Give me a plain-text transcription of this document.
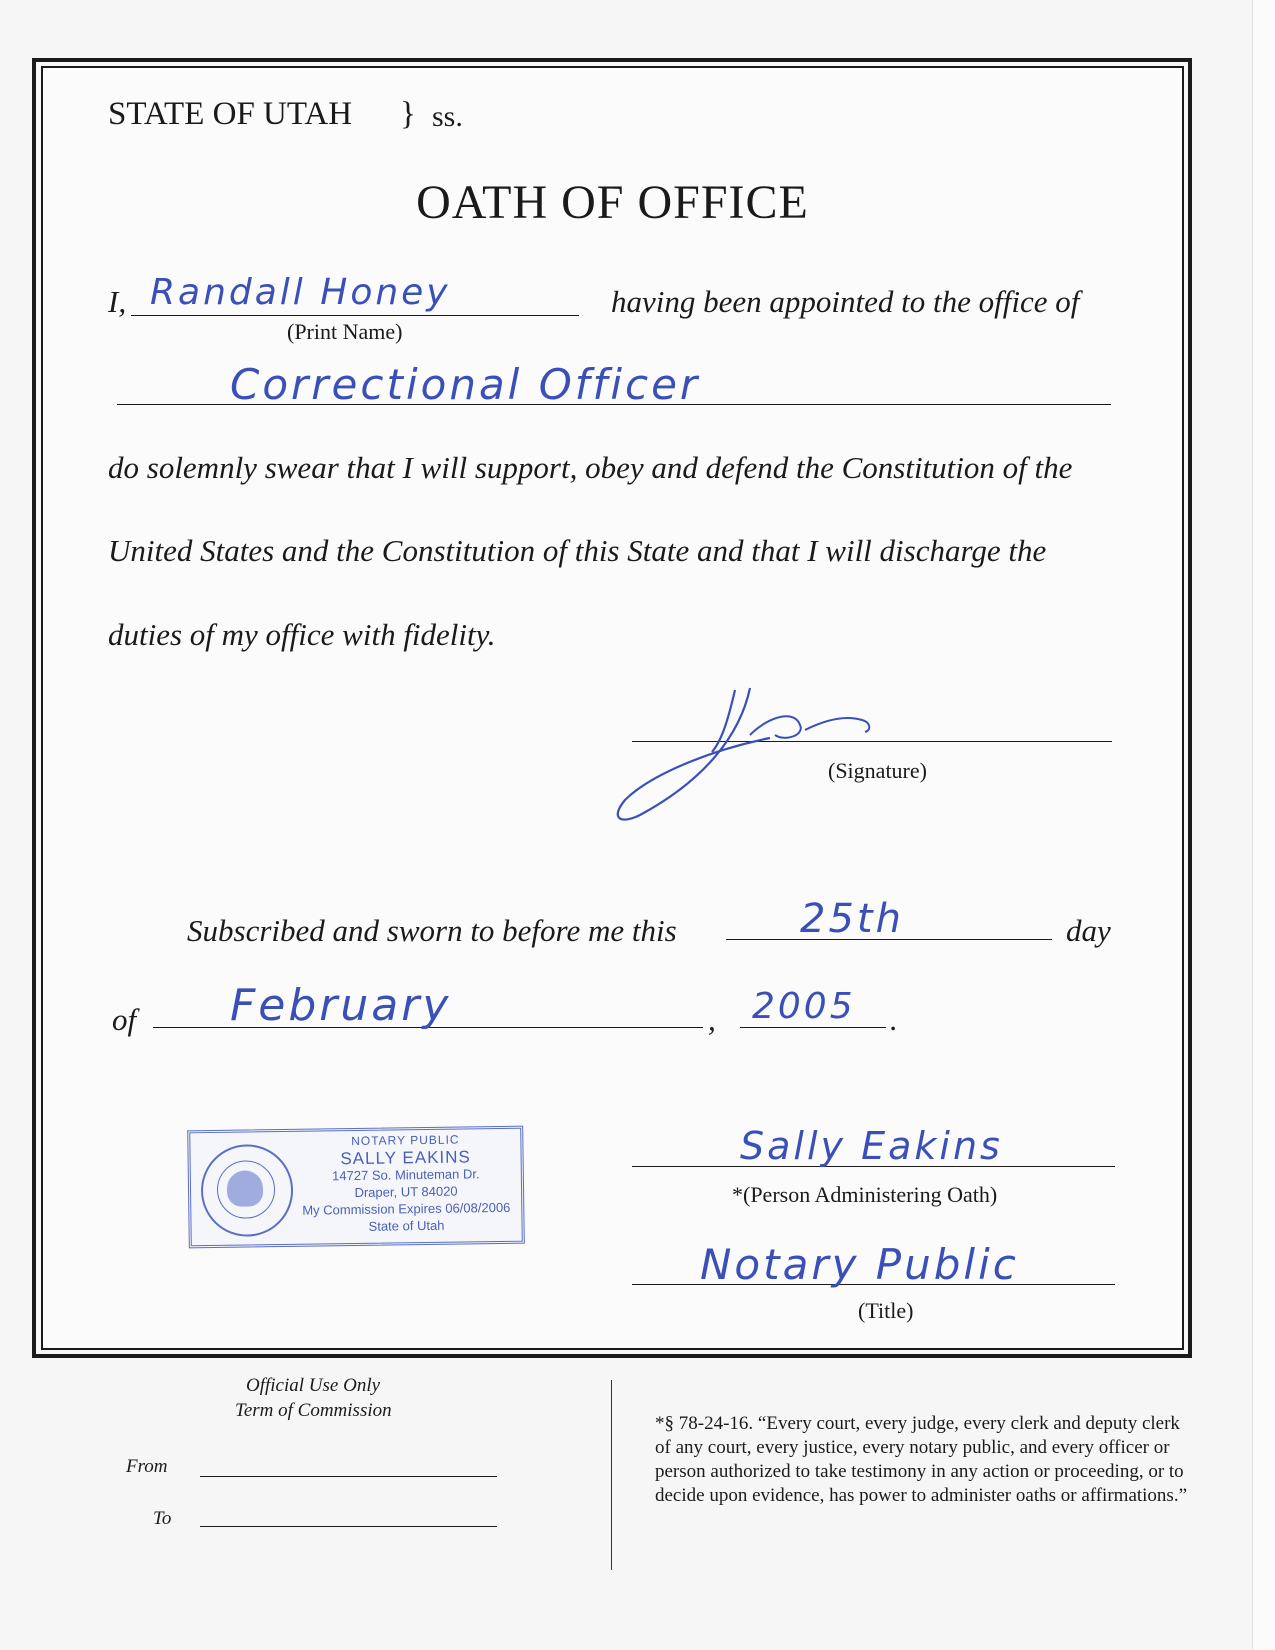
STATE OF UTAH } ss.
OATH OF OFFICE
I, Randall Honey
(Print Name)
having been appointed to the office of
Correctional Officer
do solemnly swear that I will support, obey and defend the Constitution of the
United States and the Constitution of this State and that I will discharge the
duties of my office with fidelity.
(Signature)
Subscribed and sworn to before me this	25th	day
of February	, 2005 .
NOTARY PUBLIC
SALLY EAKINS
14727 So. Minuteman Dr.
Draper, UT 84020
My Commission Expires 06/08/2006
State of Utah
Sally Eakins
*(Person Administering Oath)
Notary Public
(Title)
Official Use Only
Term of Commission
From
To
*§ 78-24-16. “Every court, every judge, every clerk and deputy clerk of any court, every justice, every notary public, and every officer or person authorized to take testimony in any action or proceeding, or to decide upon evidence, has power to administer oaths or affirmations.”
